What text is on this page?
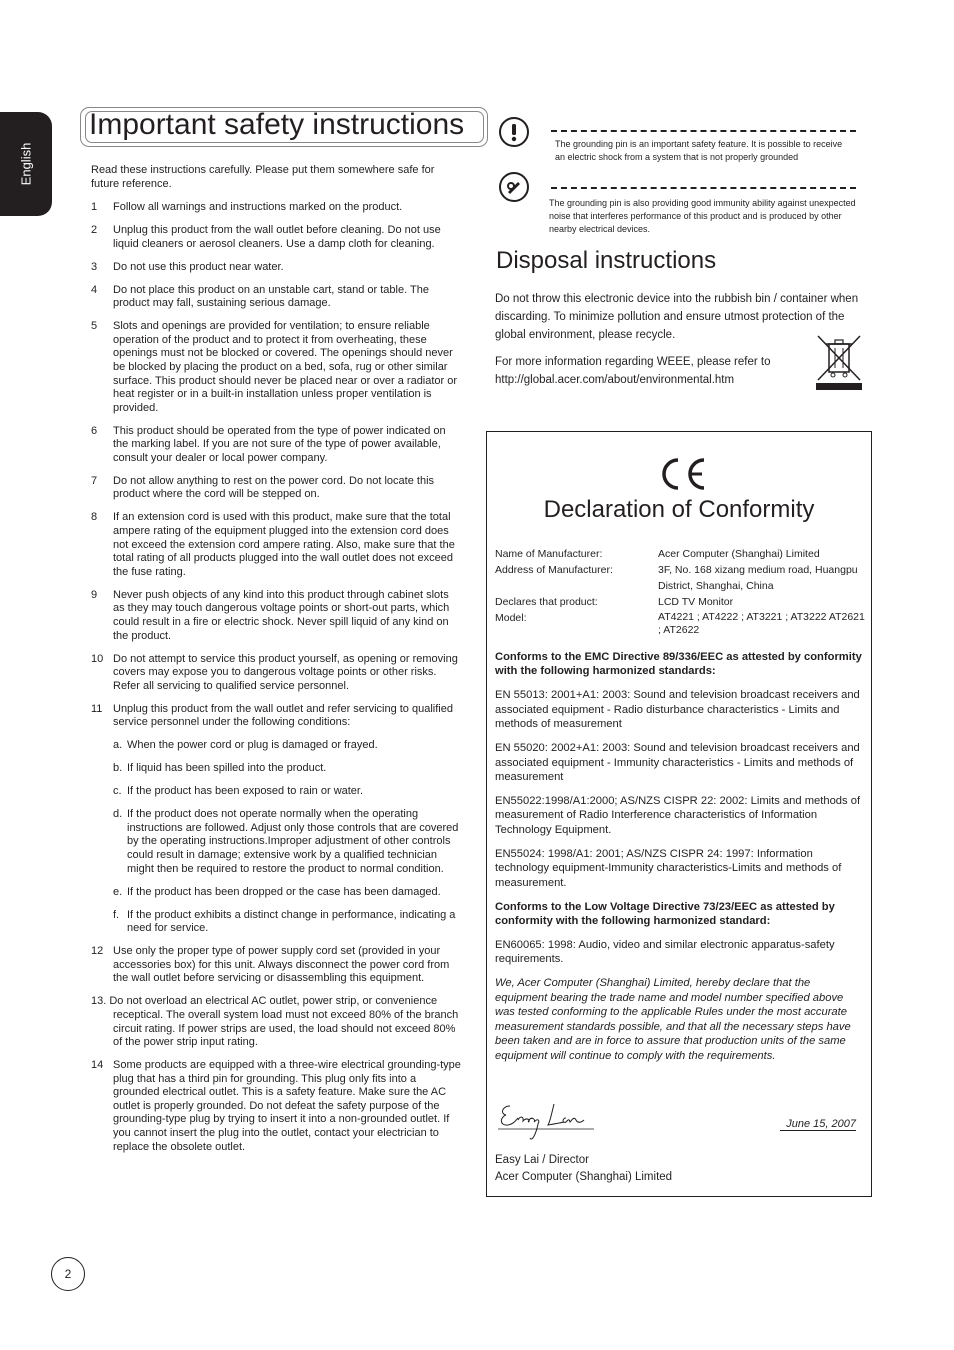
English
Important safety instructions
Read these instructions carefully. Please put them somewhere safe for future reference.
1 Follow all warnings and instructions marked on the product.
2 Unplug this product from the wall outlet before cleaning. Do not use liquid cleaners or aerosol cleaners. Use a damp cloth for cleaning.
3 Do not use this product near water.
4 Do not place this product on an unstable cart, stand or table. The product may fall, sustaining serious damage.
5 Slots and openings are provided for ventilation; to ensure reliable operation of the product and to protect it from overheating, these openings must not be blocked or covered. The openings should never be blocked by placing the product on a bed, sofa, rug or other similar surface. This product should never be placed near or over a radiator or heat register or in a built-in installation unless proper ventilation is provided.
6 This product should be operated from the type of power indicated on the marking label. If you are not sure of the type of power available, consult your dealer or local power company.
7 Do not allow anything to rest on the power cord. Do not locate this product where the cord will be stepped on.
8 If an extension cord is used with this product, make sure that the total ampere rating of the equipment plugged into the extension cord does not exceed the extension cord ampere rating. Also, make sure that the total rating of all products plugged into the wall outlet does not exceed the fuse rating.
9 Never push objects of any kind into this product through cabinet slots as they may touch dangerous voltage points or short-out parts, which could result in a fire or electric shock. Never spill liquid of any kind on the product.
10 Do not attempt to service this product yourself, as opening or removing covers may expose you to dangerous voltage points or other risks. Refer all servicing to qualified service personnel.
11 Unplug this product from the wall outlet and refer servicing to qualified service personnel under the following conditions:
a. When the power cord or plug is damaged or frayed.
b. If liquid has been spilled into the product.
c. If the product has been exposed to rain or water.
d. If the product does not operate normally when the operating instructions are followed. Adjust only those controls that are covered by the operating instructions.Improper adjustment of other controls could result in damage; extensive work by a qualified technician might then be required to restore the product to normal condition.
e. If the product has been dropped or the case has been damaged.
f. If the product exhibits a distinct change in performance, indicating a need for service.
12 Use only the proper type of power supply cord set (provided in your accessories box) for this unit. Always disconnect the power cord from the wall outlet before servicing or disassembling this equipment.
13. Do not overload an electrical AC outlet, power strip, or convenience receptical. The overall system load must not exceed 80% of the branch circuit rating. If power strips are used, the load should not exceed 80% of the power strip input rating.
14 Some products are equipped with a three-wire electrical grounding-type plug that has a third pin for grounding. This plug only fits into a grounded electrical outlet. This is a safety feature. Make sure the AC outlet is properly grounded. Do not defeat the safety purpose of the grounding-type plug by trying to insert it into a non-grounded outlet. If you cannot insert the plug into the outlet, contact your electrician to replace the obsolete outlet.
The grounding pin is an important safety feature. It is possible to receive an electric shock from a system that is not properly grounded
The grounding pin is also providing good immunity ability against unexpected noise that interferes performance of this product and is produced by other nearby electrical devices.
Disposal instructions
Do not throw this electronic device into the rubbish bin / container when discarding. To minimize pollution and ensure utmost protection of the global environment, please recycle.
For more information regarding WEEE, please refer to http://global.acer.com/about/environmental.htm
Declaration of Conformity
Name of Manufacturer:	Acer Computer (Shanghai) Limited
Address of Manufacturer:	3F, No. 168 xizang medium road, Huangpu District, Shanghai, China
Declares that product:	LCD TV Monitor
Model:	AT4221 ; AT4222 ; AT3221 ; AT3222 AT2621 ; AT2622

Conforms to the EMC Directive 89/336/EEC as attested by conformity with the following harmonized standards:

EN 55013: 2001+A1: 2003: Sound and television broadcast receivers and associated equipment - Radio disturbance characteristics - Limits and methods of measurement

EN 55020: 2002+A1: 2003: Sound and television broadcast receivers and associated equipment - Immunity characteristics - Limits and methods of measurement

EN55022:1998/A1:2000; AS/NZS CISPR 22: 2002: Limits and methods of measurement of Radio Interference characteristics of Information Technology Equipment.

EN55024: 1998/A1: 2001; AS/NZS CISPR 24: 1997: Information technology equipment-Immunity characteristics-Limits and methods of measurement.

Conforms to the Low Voltage Directive 73/23/EEC as attested by conformity with the following harmonized standard:

EN60065: 1998: Audio, video and similar electronic apparatus-safety requirements.

We, Acer Computer (Shanghai) Limited, hereby declare that the equipment bearing the trade name and model number specified above was tested conforming to the applicable Rules under the most accurate measurement standards possible, and that all the necessary steps have been taken and are in force to assure that production units of the same equipment will continue to comply with the requirements.

June 15, 2007
Easy Lai / Director
Acer Computer (Shanghai) Limited
2
